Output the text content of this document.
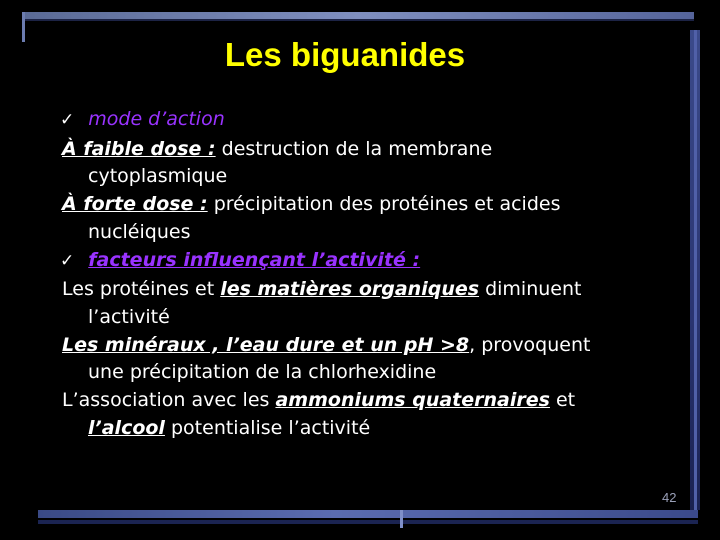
Les biguanides
✓ mode d’action
À faible dose : destruction de la membrane
cytoplasmique
À forte dose : précipitation des protéines et acides
nucléiques
✓ facteurs influençant l’activité :
Les protéines et les matières organiques diminuent
l’activité
Les minéraux , l’eau dure et un pH >8, provoquent
une précipitation de la chlorhexidine
L’association avec les ammoniums quaternaires et
l’alcool potentialise l’activité
42
